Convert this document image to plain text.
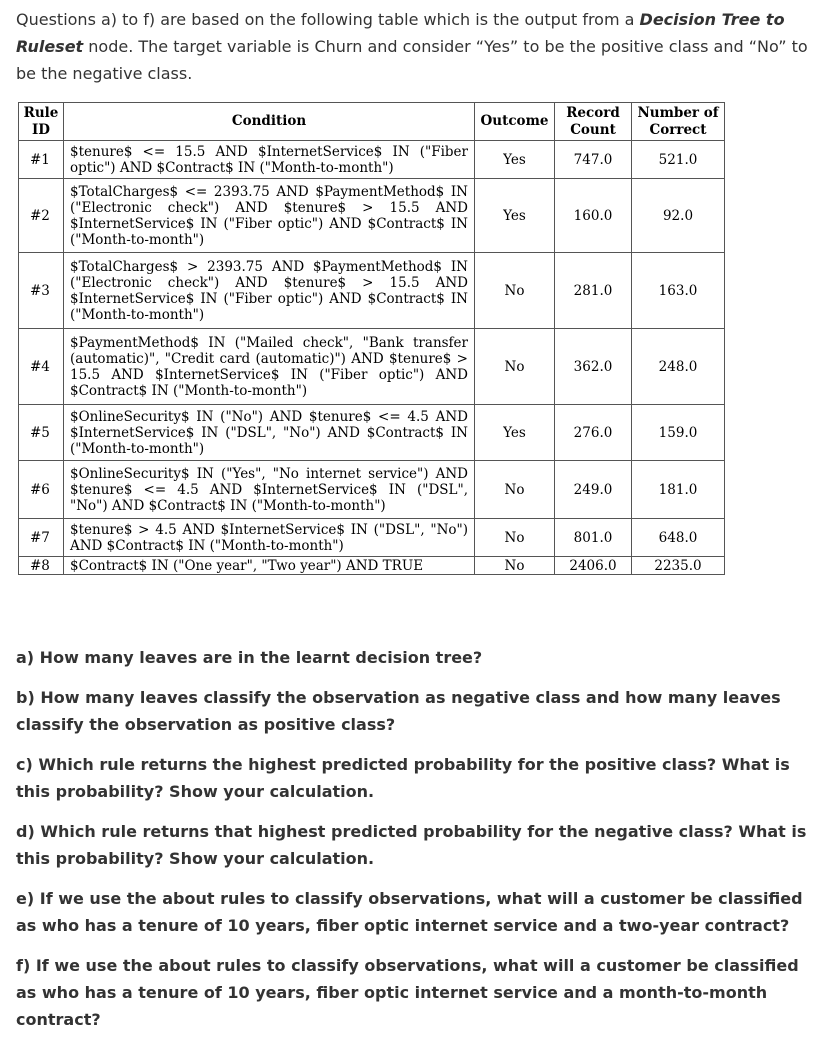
Questions a) to f) are based on the following table which is the output from a Decision Tree to Ruleset node. The target variable is Churn and consider “Yes” to be the positive class and “No” to be the negative class.
Rule ID	Condition	Outcome	Record Count	Number of Correct
#1	$tenure$ <= 15.5 AND $InternetService$ IN ("Fiber optic") AND $Contract$ IN ("Month-to-month")	Yes	747.0	521.0
#2	$TotalCharges$ <= 2393.75 AND $PaymentMethod$ IN ("Electronic check") AND $tenure$ > 15.5 AND $InternetService$ IN ("Fiber optic") AND $Contract$ IN ("Month-to-month")	Yes	160.0	92.0
#3	$TotalCharges$ > 2393.75 AND $PaymentMethod$ IN ("Electronic check") AND $tenure$ > 15.5 AND $InternetService$ IN ("Fiber optic") AND $Contract$ IN ("Month-to-month")	No	281.0	163.0
#4	$PaymentMethod$ IN ("Mailed check", "Bank transfer (automatic)", "Credit card (automatic)") AND $tenure$ > 15.5 AND $InternetService$ IN ("Fiber optic") AND $Contract$ IN ("Month-to-month")	No	362.0	248.0
#5	$OnlineSecurity$ IN ("No") AND $tenure$ <= 4.5 AND $InternetService$ IN ("DSL", "No") AND $Contract$ IN ("Month-to-month")	Yes	276.0	159.0
#6	$OnlineSecurity$ IN ("Yes", "No internet service") AND $tenure$ <= 4.5 AND $InternetService$ IN ("DSL", "No") AND $Contract$ IN ("Month-to-month")	No	249.0	181.0
#7	$tenure$ > 4.5 AND $InternetService$ IN ("DSL", "No") AND $Contract$ IN ("Month-to-month")	No	801.0	648.0
#8	$Contract$ IN ("One year", "Two year") AND TRUE	No	2406.0	2235.0

a) How many leaves are in the learnt decision tree?

b) How many leaves classify the observation as negative class and how many leaves classify the observation as positive class?

c) Which rule returns the highest predicted probability for the positive class? What is this probability? Show your calculation.

d) Which rule returns that highest predicted probability for the negative class? What is this probability? Show your calculation.

e) If we use the about rules to classify observations, what will a customer be classified as who has a tenure of 10 years, fiber optic internet service and a two-year contract?

f) If we use the about rules to classify observations, what will a customer be classified as who has a tenure of 10 years, fiber optic internet service and a month-to-month contract?
